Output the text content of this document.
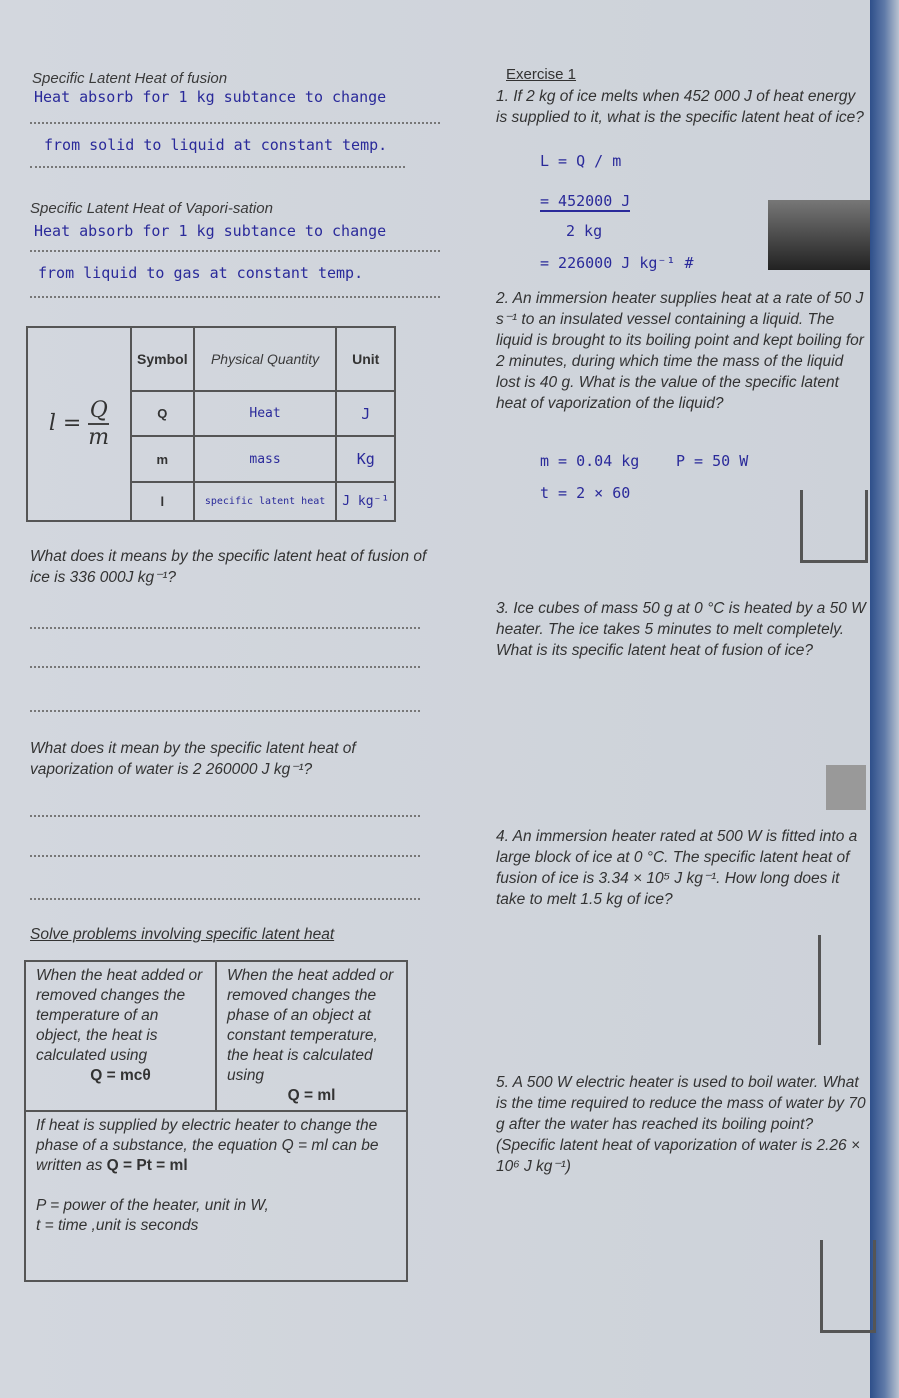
Specific Latent Heat of fusion
Heat absorb for 1 kg subtance to change
from solid to liquid at constant temp.
Specific Latent Heat of Vapori-sation
Heat absorb for 1 kg subtance to change
from liquid to gas at constant temp.
$l = \frac{Q}{m}$	Symbol	Physical Quantity	Unit
	Q	Heat	J
	m	mass	Kg
	l	specific latent heat	J kg⁻¹
What does it means by the specific latent heat of fusion of ice is 336 000J kg⁻¹?
What does it mean by the specific latent heat of vaporization of water is 2 260000 J kg⁻¹?
Solve problems involving specific latent heat
When the heat added or removed changes the temperature of an object, the heat is calculated using
Q = mcθ
	When the heat added or removed changes the phase of an object at constant temperature, the heat is calculated using
Q = ml

If heat is supplied by electric heater to change the phase of a substance, the equation Q = ml can be written as Q = Pt = ml

P = power of the heater, unit in W,
t = time ,unit is seconds
Exercise 1
1. If 2 kg of ice melts when 452 000 J of heat energy is supplied to it, what is the specific latent heat of ice?
L = Q / m
= 452000 J
2 kg
= 226000 J kg⁻¹ #
2. An immersion heater supplies heat at a rate of 50 J s⁻¹ to an insulated vessel containing a liquid. The liquid is brought to its boiling point and kept boiling for 2 minutes, during which time the mass of the liquid lost is 40 g. What is the value of the specific latent heat of vaporization of the liquid?
m = 0.04 kg P = 50 W
t = 2 × 60
3. Ice cubes of mass 50 g at 0 °C is heated by a 50 W heater. The ice takes 5 minutes to melt completely. What is its specific latent heat of fusion of ice?
4. An immersion heater rated at 500 W is fitted into a large block of ice at 0 °C. The specific latent heat of fusion of ice is 3.34 × 10⁵ J kg⁻¹. How long does it take to melt 1.5 kg of ice?
5. A 500 W electric heater is used to boil water. What is the time required to reduce the mass of water by 70 g after the water has reached its boiling point? (Specific latent heat of vaporization of water is 2.26 × 10⁶ J kg⁻¹)
